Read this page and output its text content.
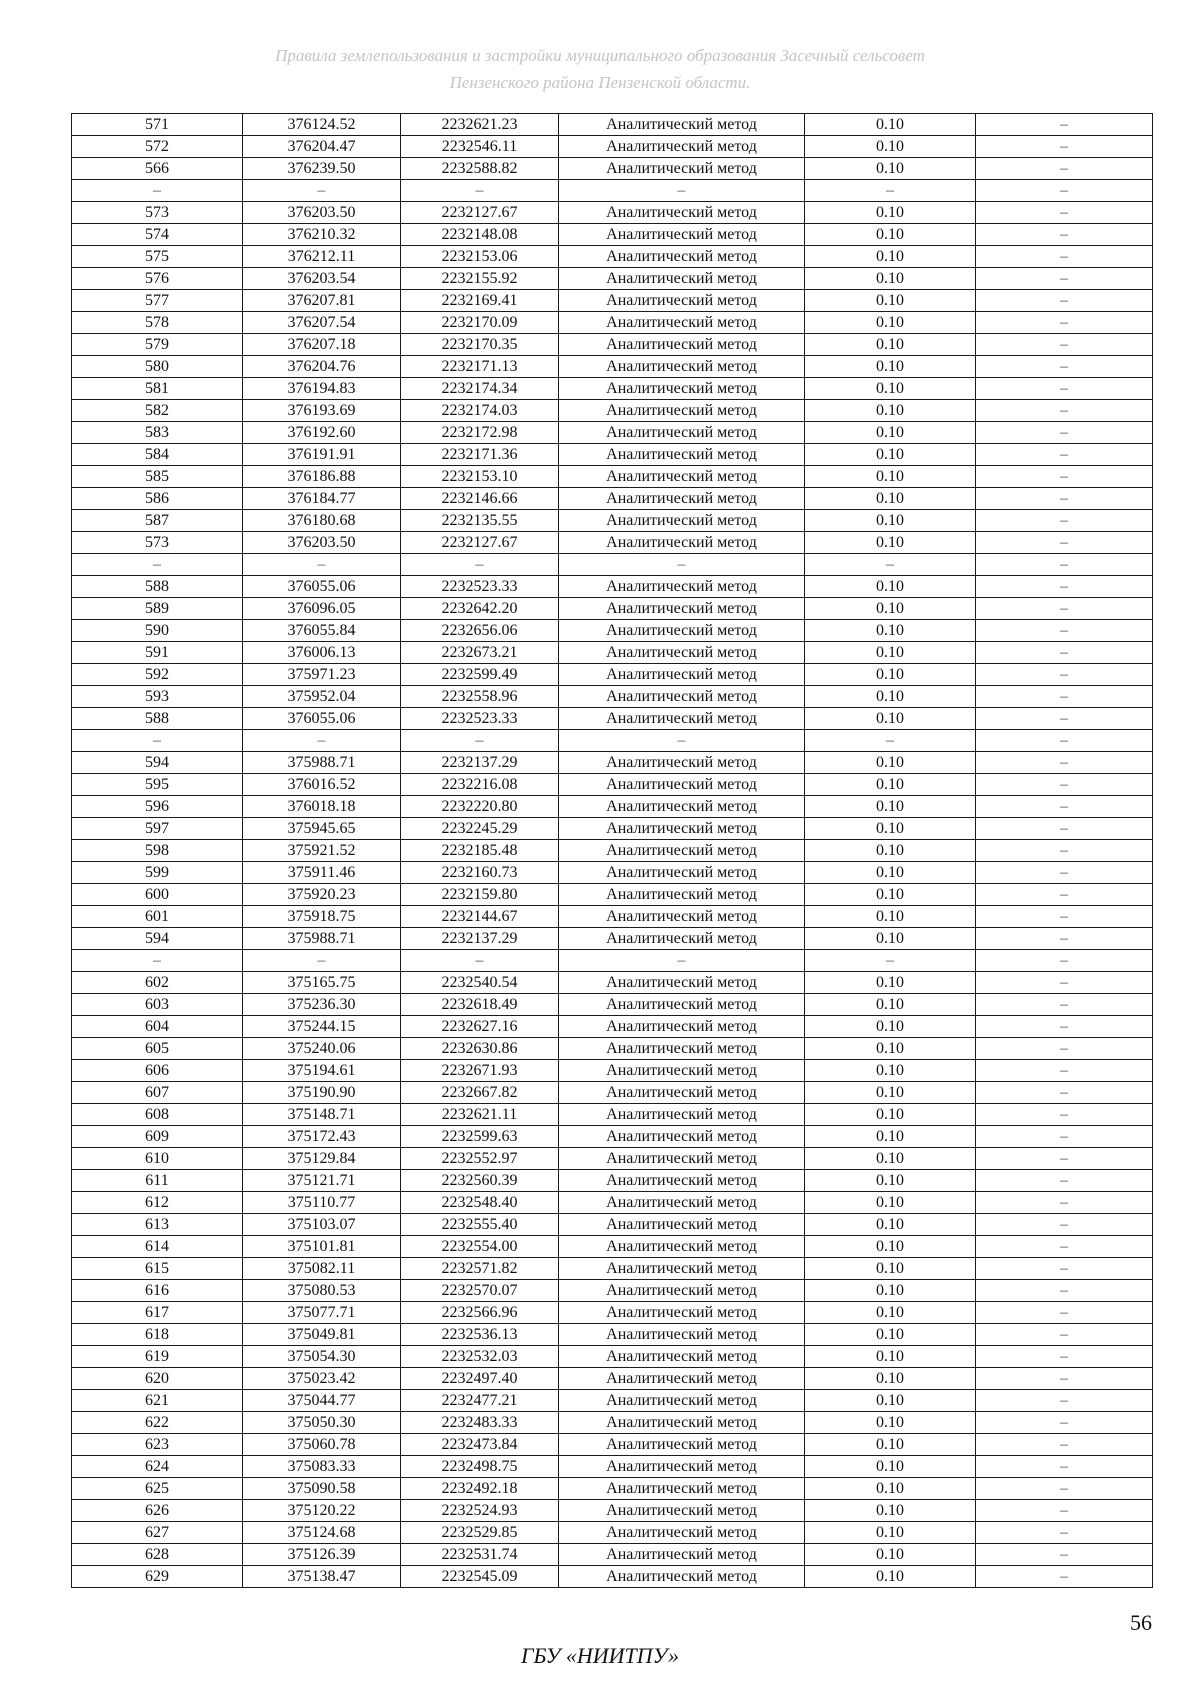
Правила землепользования и застройки муниципального образования Засечный сельсовет
Пензенского района Пензенской области.
571	376124.52	2232621.23	Аналитический метод	0.10	–
572	376204.47	2232546.11	Аналитический метод	0.10	–
566	376239.50	2232588.82	Аналитический метод	0.10	–
–	–	–	–	–	–
573	376203.50	2232127.67	Аналитический метод	0.10	–
574	376210.32	2232148.08	Аналитический метод	0.10	–
575	376212.11	2232153.06	Аналитический метод	0.10	–
576	376203.54	2232155.92	Аналитический метод	0.10	–
577	376207.81	2232169.41	Аналитический метод	0.10	–
578	376207.54	2232170.09	Аналитический метод	0.10	–
579	376207.18	2232170.35	Аналитический метод	0.10	–
580	376204.76	2232171.13	Аналитический метод	0.10	–
581	376194.83	2232174.34	Аналитический метод	0.10	–
582	376193.69	2232174.03	Аналитический метод	0.10	–
583	376192.60	2232172.98	Аналитический метод	0.10	–
584	376191.91	2232171.36	Аналитический метод	0.10	–
585	376186.88	2232153.10	Аналитический метод	0.10	–
586	376184.77	2232146.66	Аналитический метод	0.10	–
587	376180.68	2232135.55	Аналитический метод	0.10	–
573	376203.50	2232127.67	Аналитический метод	0.10	–
–	–	–	–	–	–
588	376055.06	2232523.33	Аналитический метод	0.10	–
589	376096.05	2232642.20	Аналитический метод	0.10	–
590	376055.84	2232656.06	Аналитический метод	0.10	–
591	376006.13	2232673.21	Аналитический метод	0.10	–
592	375971.23	2232599.49	Аналитический метод	0.10	–
593	375952.04	2232558.96	Аналитический метод	0.10	–
588	376055.06	2232523.33	Аналитический метод	0.10	–
–	–	–	–	–	–
594	375988.71	2232137.29	Аналитический метод	0.10	–
595	376016.52	2232216.08	Аналитический метод	0.10	–
596	376018.18	2232220.80	Аналитический метод	0.10	–
597	375945.65	2232245.29	Аналитический метод	0.10	–
598	375921.52	2232185.48	Аналитический метод	0.10	–
599	375911.46	2232160.73	Аналитический метод	0.10	–
600	375920.23	2232159.80	Аналитический метод	0.10	–
601	375918.75	2232144.67	Аналитический метод	0.10	–
594	375988.71	2232137.29	Аналитический метод	0.10	–
–	–	–	–	–	–
602	375165.75	2232540.54	Аналитический метод	0.10	–
603	375236.30	2232618.49	Аналитический метод	0.10	–
604	375244.15	2232627.16	Аналитический метод	0.10	–
605	375240.06	2232630.86	Аналитический метод	0.10	–
606	375194.61	2232671.93	Аналитический метод	0.10	–
607	375190.90	2232667.82	Аналитический метод	0.10	–
608	375148.71	2232621.11	Аналитический метод	0.10	–
609	375172.43	2232599.63	Аналитический метод	0.10	–
610	375129.84	2232552.97	Аналитический метод	0.10	–
611	375121.71	2232560.39	Аналитический метод	0.10	–
612	375110.77	2232548.40	Аналитический метод	0.10	–
613	375103.07	2232555.40	Аналитический метод	0.10	–
614	375101.81	2232554.00	Аналитический метод	0.10	–
615	375082.11	2232571.82	Аналитический метод	0.10	–
616	375080.53	2232570.07	Аналитический метод	0.10	–
617	375077.71	2232566.96	Аналитический метод	0.10	–
618	375049.81	2232536.13	Аналитический метод	0.10	–
619	375054.30	2232532.03	Аналитический метод	0.10	–
620	375023.42	2232497.40	Аналитический метод	0.10	–
621	375044.77	2232477.21	Аналитический метод	0.10	–
622	375050.30	2232483.33	Аналитический метод	0.10	–
623	375060.78	2232473.84	Аналитический метод	0.10	–
624	375083.33	2232498.75	Аналитический метод	0.10	–
625	375090.58	2232492.18	Аналитический метод	0.10	–
626	375120.22	2232524.93	Аналитический метод	0.10	–
627	375124.68	2232529.85	Аналитический метод	0.10	–
628	375126.39	2232531.74	Аналитический метод	0.10	–
629	375138.47	2232545.09	Аналитический метод	0.10	–
56
ГБУ «НИИТПУ»
